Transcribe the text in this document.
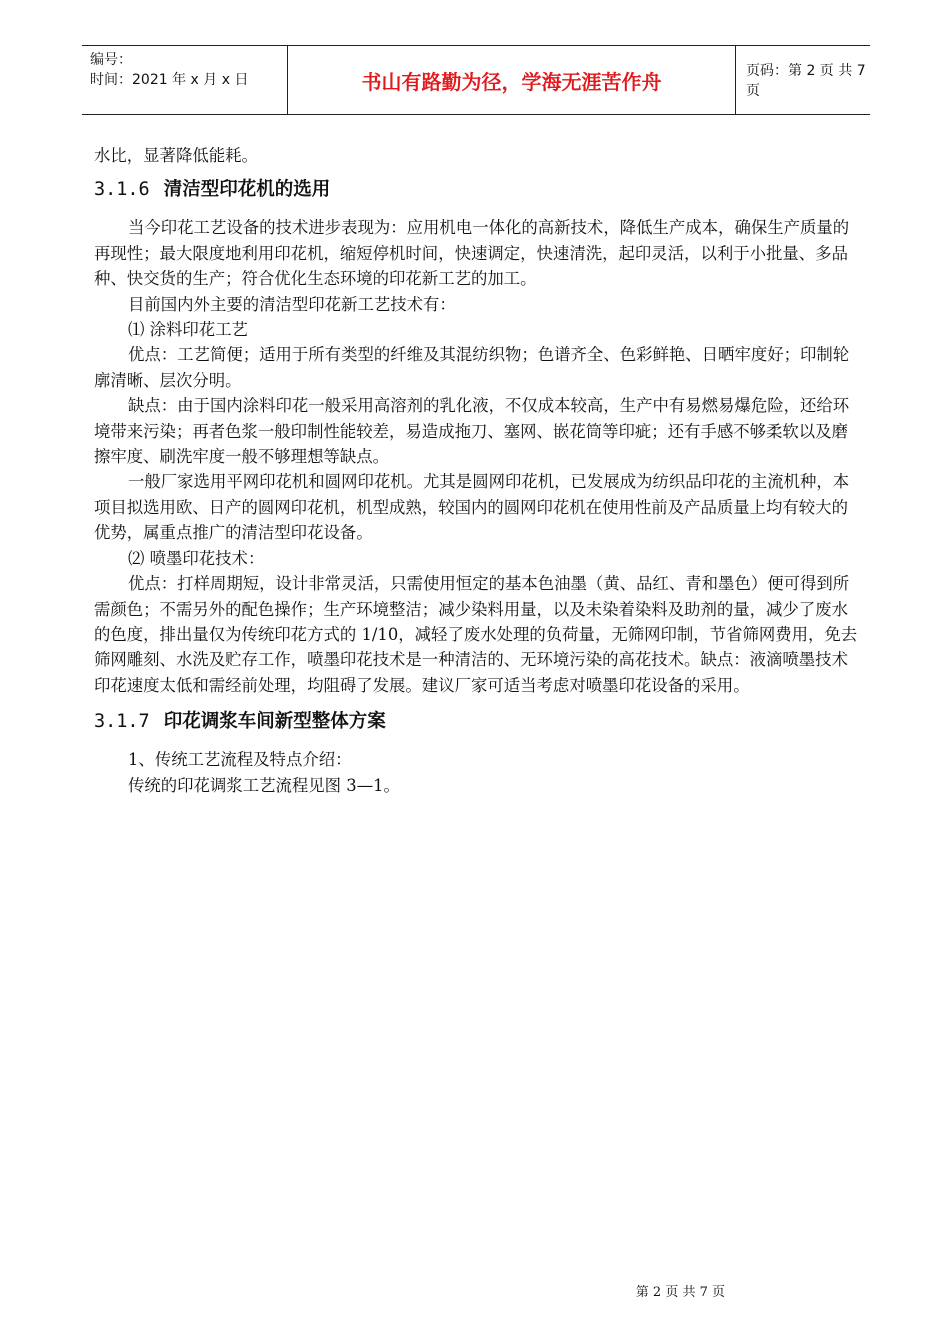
编号：
时间：2021 年 x 月 x 日	书山有路勤为径，学海无涯苦作舟	页码：第 2 页 共 7 页

水比，显著降低能耗。

3.1.6 清洁型印花机的选用

当今印花工艺设备的技术进步表现为：应用机电一体化的高新技术，降低生产成本，确保生产质量的再现性；最大限度地利用印花机，缩短停机时间，快速调定，快速清洗，起印灵活，以利于小批量、多品种、快交货的生产；符合优化生态环境的印花新工艺的加工。

目前国内外主要的清洁型印花新工艺技术有：

⑴ 涂料印花工艺

优点：工艺简便；适用于所有类型的纤维及其混纺织物；色谱齐全、色彩鲜艳、日晒牢度好；印制轮廓清晰、层次分明。

缺点：由于国内涂料印花一般采用高溶剂的乳化液，不仅成本较高，生产中有易燃易爆危险，还给环境带来污染；再者色浆一般印制性能较差，易造成拖刀、塞网、嵌花筒等印疵；还有手感不够柔软以及磨擦牢度、刷洗牢度一般不够理想等缺点。

一般厂家选用平网印花机和圆网印花机。尤其是圆网印花机，已发展成为纺织品印花的主流机种，本项目拟选用欧、日产的圆网印花机，机型成熟，较国内的圆网印花机在使用性前及产品质量上均有较大的优势，属重点推广的清洁型印花设备。

⑵ 喷墨印花技术：

优点：打样周期短，设计非常灵活，只需使用恒定的基本色油墨（黄、品红、青和墨色）便可得到所需颜色；不需另外的配色操作；生产环境整洁；减少染料用量，以及未染着染料及助剂的量，减少了废水的色度，排出量仅为传统印花方式的 1/10，减轻了废水处理的负荷量，无筛网印制，节省筛网费用，免去筛网雕刻、水洗及贮存工作，喷墨印花技术是一种清洁的、无环境污染的高花技术。缺点：液滴喷墨技术印花速度太低和需经前处理，均阻碍了发展。建议厂家可适当考虑对喷墨印花设备的采用。

3.1.7 印花调浆车间新型整体方案

1、传统工艺流程及特点介绍：

传统的印花调浆工艺流程见图 3—1。

第 2 页 共 7 页
